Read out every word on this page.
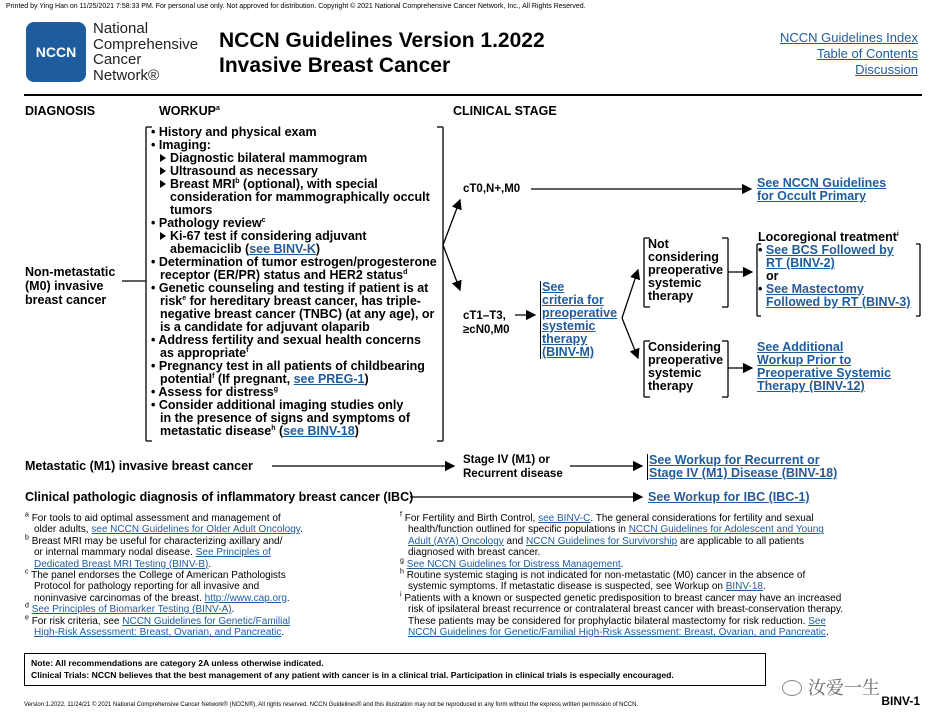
Printed by Ying Han on 11/25/2021 7:58:33 PM. For personal use only. Not approved for distribution. Copyright © 2021 National Comprehensive Cancer Network, Inc., All Rights Reserved.
NCCN
National
Comprehensive
Cancer
Network®
NCCN Guidelines Version 1.2022
Invasive Breast Cancer
NCCN Guidelines Index
Table of Contents
Discussion
DIAGNOSIS	WORKUP$^a$	CLINICAL STAGE
Non-metastatic
(M0) invasive
breast cancer
• History and physical exam
• Imaging:
Diagnostic bilateral mammogram
Ultrasound as necessary
Breast MRI$^b$ (optional), with special
consideration for mammographically occult
tumors
• Pathology review$^c$
Ki-67 test if considering adjuvant
abemaciclib (see BINV-K)
• Determination of tumor estrogen/progesterone
receptor (ER/PR) status and HER2 status$^d$
• Genetic counseling and testing if patient is at
risk$^e$ for hereditary breast cancer, has triple-
negative breast cancer (TNBC) (at any age), or
is a candidate for adjuvant olaparib
• Address fertility and sexual health concerns
as appropriate$^f$
• Pregnancy test in all patients of childbearing
potential$^f$ (If pregnant, see PREG-1)
• Assess for distress$^g$
• Consider additional imaging studies only
in the presence of signs and symptoms of
metastatic disease$^h$ (see BINV-18)
cT0,N+,M0	See NCCN Guidelines
for Occult Primary
cT1–T3,
≥cN0,M0
See
criteria for
preoperative
systemic
therapy
(BINV-M)
Not
considering
preoperative
systemic
therapy
Considering
preoperative
systemic
therapy
Locoregional treatment$^i$
• See BCS Followed by
RT (BINV-2)
or
• See Mastectomy
Followed by RT (BINV-3)
See Additional
Workup Prior to
Preoperative Systemic
Therapy (BINV-12)
Metastatic (M1) invasive breast cancer	Stage IV (M1) or
Recurrent disease
See Workup for Recurrent or
Stage IV (M1) Disease (BINV-18)
Clinical pathologic diagnosis of inflammatory breast cancer (IBC)	See Workup for IBC (IBC-1)
$^a$ For tools to aid optimal assessment and management of
older adults, see NCCN Guidelines for Older Adult Oncology.
$^b$ Breast MRI may be useful for characterizing axillary and/
or internal mammary nodal disease. See Principles of
Dedicated Breast MRI Testing (BINV-B).
$^c$ The panel endorses the College of American Pathologists
Protocol for pathology reporting for all invasive and
noninvasive carcinomas of the breast. http://www.cap.org.
$^d$ See Principles of Biomarker Testing (BINV-A).
$^e$ For risk criteria, see NCCN Guidelines for Genetic/Familial
High-Risk Assessment: Breast, Ovarian, and Pancreatic.
$^f$ For Fertility and Birth Control, see BINV-C. The general considerations for fertility and sexual
health/function outlined for specific populations in NCCN Guidelines for Adolescent and Young
Adult (AYA) Oncology and NCCN Guidelines for Survivorship are applicable to all patients
diagnosed with breast cancer.
$^g$ See NCCN Guidelines for Distress Management.
$^h$ Routine systemic staging is not indicated for non-metastatic (M0) cancer in the absence of
systemic symptoms. If metastatic disease is suspected, see Workup on BINV-18.
$^i$ Patients with a known or suspected genetic predisposition to breast cancer may have an increased
risk of ipsilateral breast recurrence or contralateral breast cancer with breast-conservation therapy.
These patients may be considered for prophylactic bilateral mastectomy for risk reduction. See
NCCN Guidelines for Genetic/Familial High-Risk Assessment: Breast, Ovarian, and Pancreatic.
Note: All recommendations are category 2A unless otherwise indicated.
Clinical Trials: NCCN believes that the best management of any patient with cancer is in a clinical trial. Participation in clinical trials is especially encouraged.
汝爱一生
Version 1.2022, 11/24/21 © 2021 National Comprehensive Cancer Network® (NCCN®), All rights reserved. NCCN Guidelines® and this illustration may not be reproduced in any form without the express written permission of NCCN.	BINV-1
